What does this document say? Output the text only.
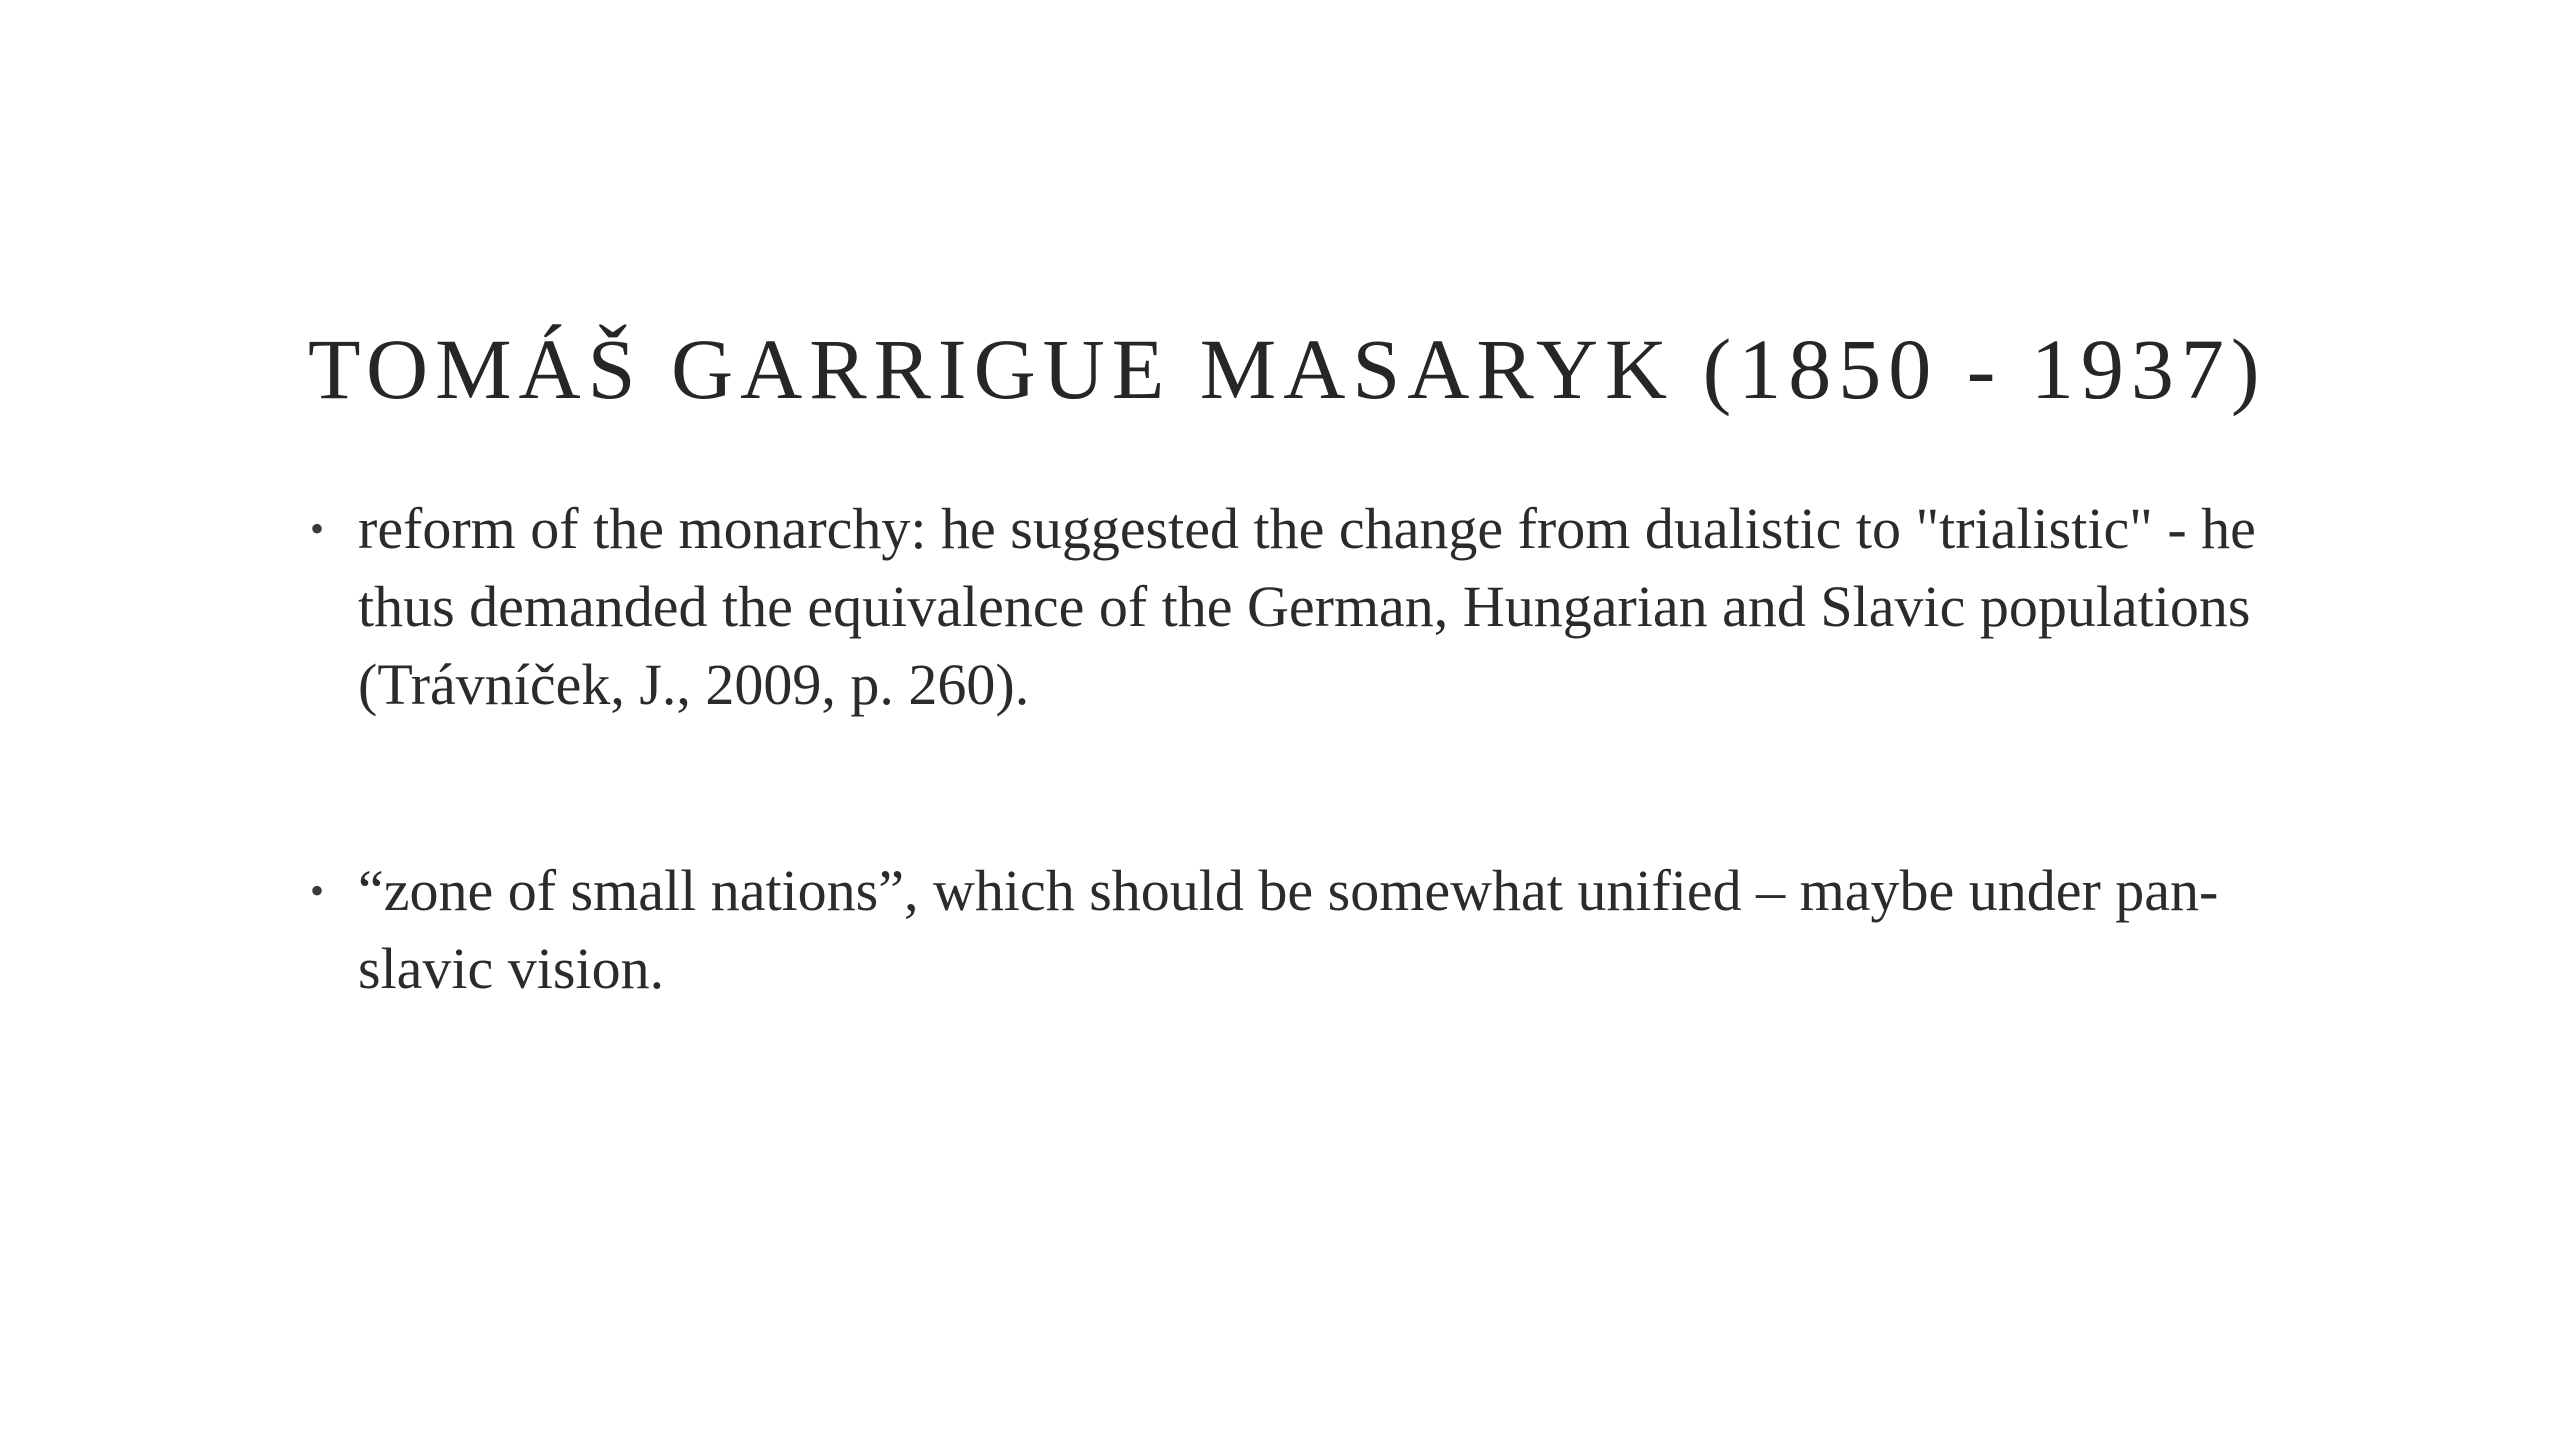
TOMÁŠ GARRIGUE MASARYK (1850 - 1937)
• reform of the monarchy: he suggested the change from dualistic to "trialistic" - he thus demanded the equivalence of the German, Hungarian and Slavic populations (Trávníček, J., 2009, p. 260).
• “zone of small nations”, which should be somewhat unified – maybe under pan-slavic vision.
